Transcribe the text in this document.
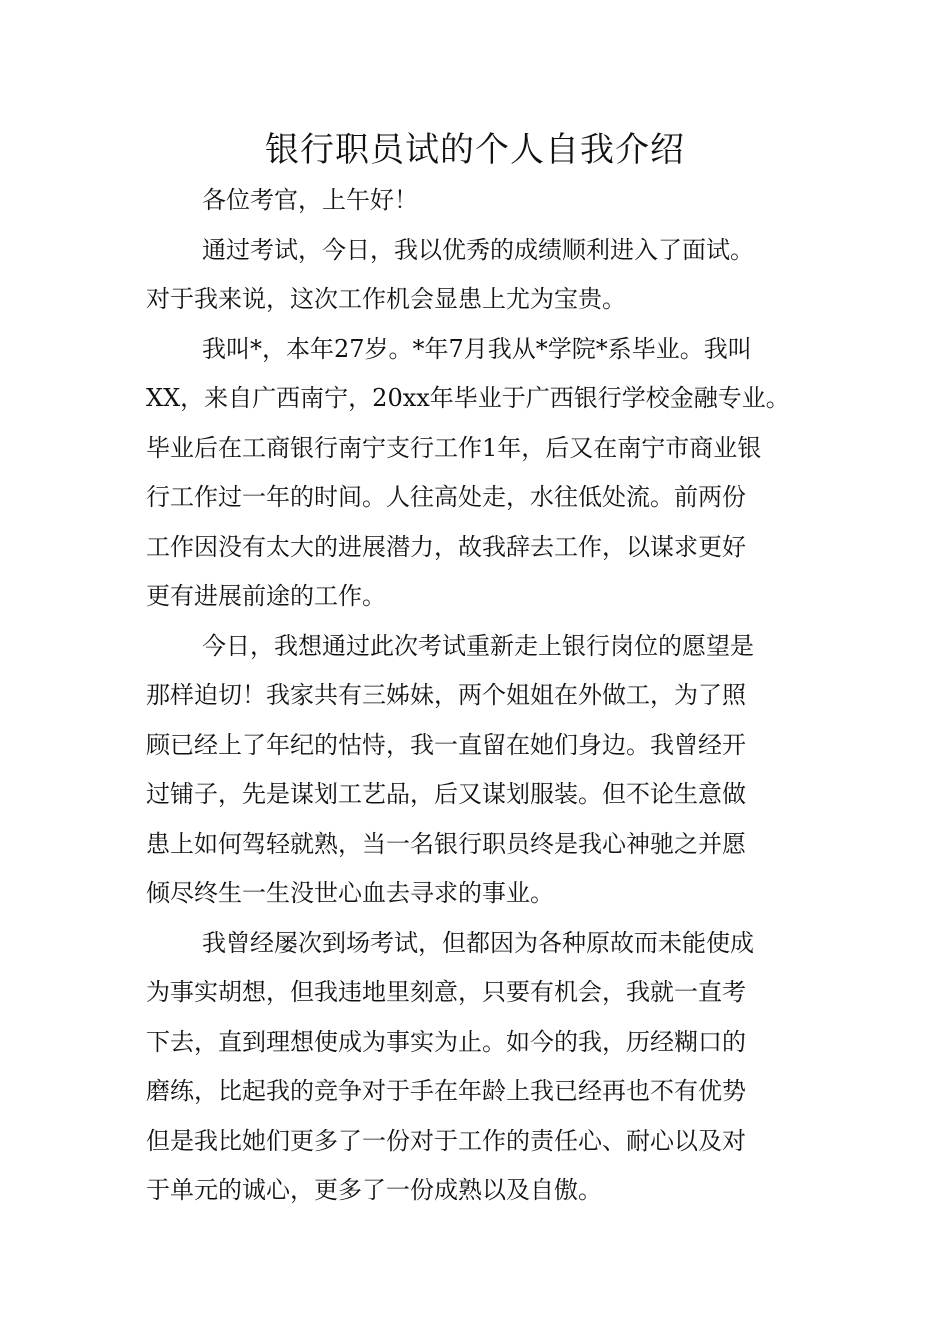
银行职员试的个人自我介绍
各位考官，上午好！
通过考试，今日，我以优秀的成绩顺利进入了面试。
对于我来说，这次工作机会显患上尤为宝贵。
我叫*，本年27岁。*年7月我从*学院*系毕业。我叫
XX，来自广西南宁，20xx年毕业于广西银行学校金融专业。
毕业后在工商银行南宁支行工作1年，后又在南宁市商业银
行工作过一年的时间。人往高处走，水往低处流。前两份
工作因没有太大的进展潜力，故我辞去工作，以谋求更好
更有进展前途的工作。
今日，我想通过此次考试重新走上银行岗位的愿望是
那样迫切！我家共有三姊妹，两个姐姐在外做工，为了照
顾已经上了年纪的怙恃，我一直留在她们身边。我曾经开
过铺子，先是谋划工艺品，后又谋划服装。但不论生意做
患上如何驾轻就熟，当一名银行职员终是我心神驰之并愿
倾尽终生一生没世心血去寻求的事业。
我曾经屡次到场考试，但都因为各种原故而未能使成
为事实胡想，但我违地里刻意，只要有机会，我就一直考
下去，直到理想使成为事实为止。如今的我，历经糊口的
磨练，比起我的竞争对于手在年龄上我已经再也不有优势
但是我比她们更多了一份对于工作的责任心、耐心以及对
于单元的诚心，更多了一份成熟以及自傲。
